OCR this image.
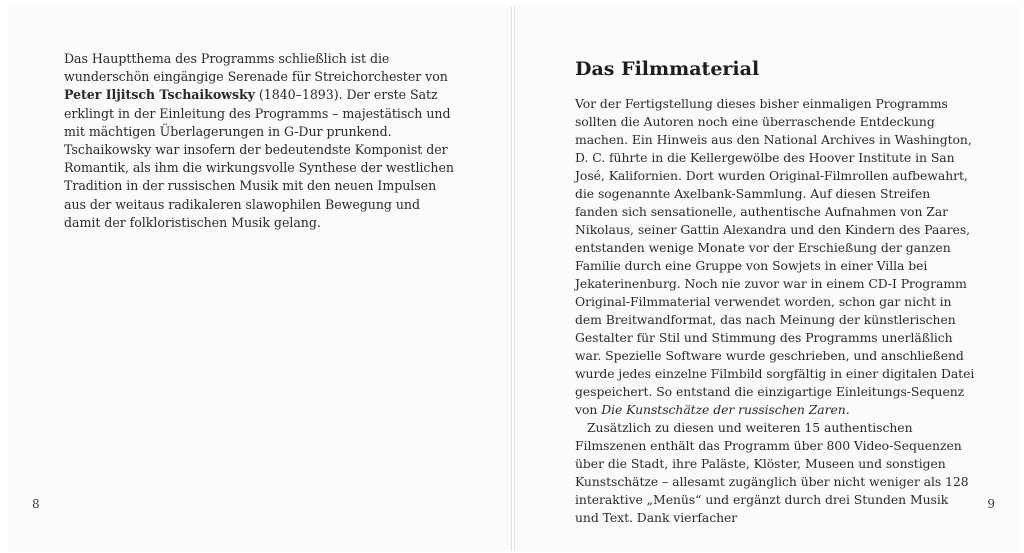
Das Hauptthema des Programms schließlich ist die wunderschön eingängige Serenade für Streichorchester von Peter Iljitsch Tschaikowsky (1840–1893). Der erste Satz erklingt in der Einleitung des Programms – majestätisch und mit mächtigen Überlagerungen in G-Dur prunkend. Tschaikowsky war insofern der bedeutendste Komponist der Romantik, als ihm die wirkungsvolle Synthese der westlichen Tradition in der russischen Musik mit den neuen Impulsen aus der weitaus radikaleren slawophilen Bewegung und damit der folkloristischen Musik gelang.

8
Das Filmmaterial

Vor der Fertigstellung dieses bisher einmaligen Programms sollten die Autoren noch eine überraschende Entdeckung machen. Ein Hinweis aus den National Archives in Washington, D. C. führte in die Kellergewölbe des Hoover Institute in San José, Kalifornien. Dort wurden Original-Filmrollen aufbewahrt, die sogenannte Axelbank-Sammlung. Auf diesen Streifen fanden sich sensationelle, authentische Aufnahmen von Zar Nikolaus, seiner Gattin Alexandra und den Kindern des Paares, entstanden wenige Monate vor der Erschießung der ganzen Familie durch eine Gruppe von Sowjets in einer Villa bei Jekaterinenburg. Noch nie zuvor war in einem CD-I Programm Original-Filmmaterial verwendet worden, schon gar nicht in dem Breitwandformat, das nach Meinung der künstlerischen Gestalter für Stil und Stimmung des Programms unerläßlich war. Spezielle Software wurde geschrieben, und anschließend wurde jedes einzelne Filmbild sorgfältig in einer digitalen Datei gespeichert. So entstand die einzigartige Einleitungs-Sequenz von Die Kunstschätze der russischen Zaren.

Zusätzlich zu diesen und weiteren 15 authentischen Filmszenen enthält das Programm über 800 Video-Sequenzen über die Stadt, ihre Paläste, Klöster, Museen und sonstigen Kunstschätze – allesamt zugänglich über nicht weniger als 128 interaktive „Menüs“ und ergänzt durch drei Stunden Musik und Text. Dank vierfacher

9
